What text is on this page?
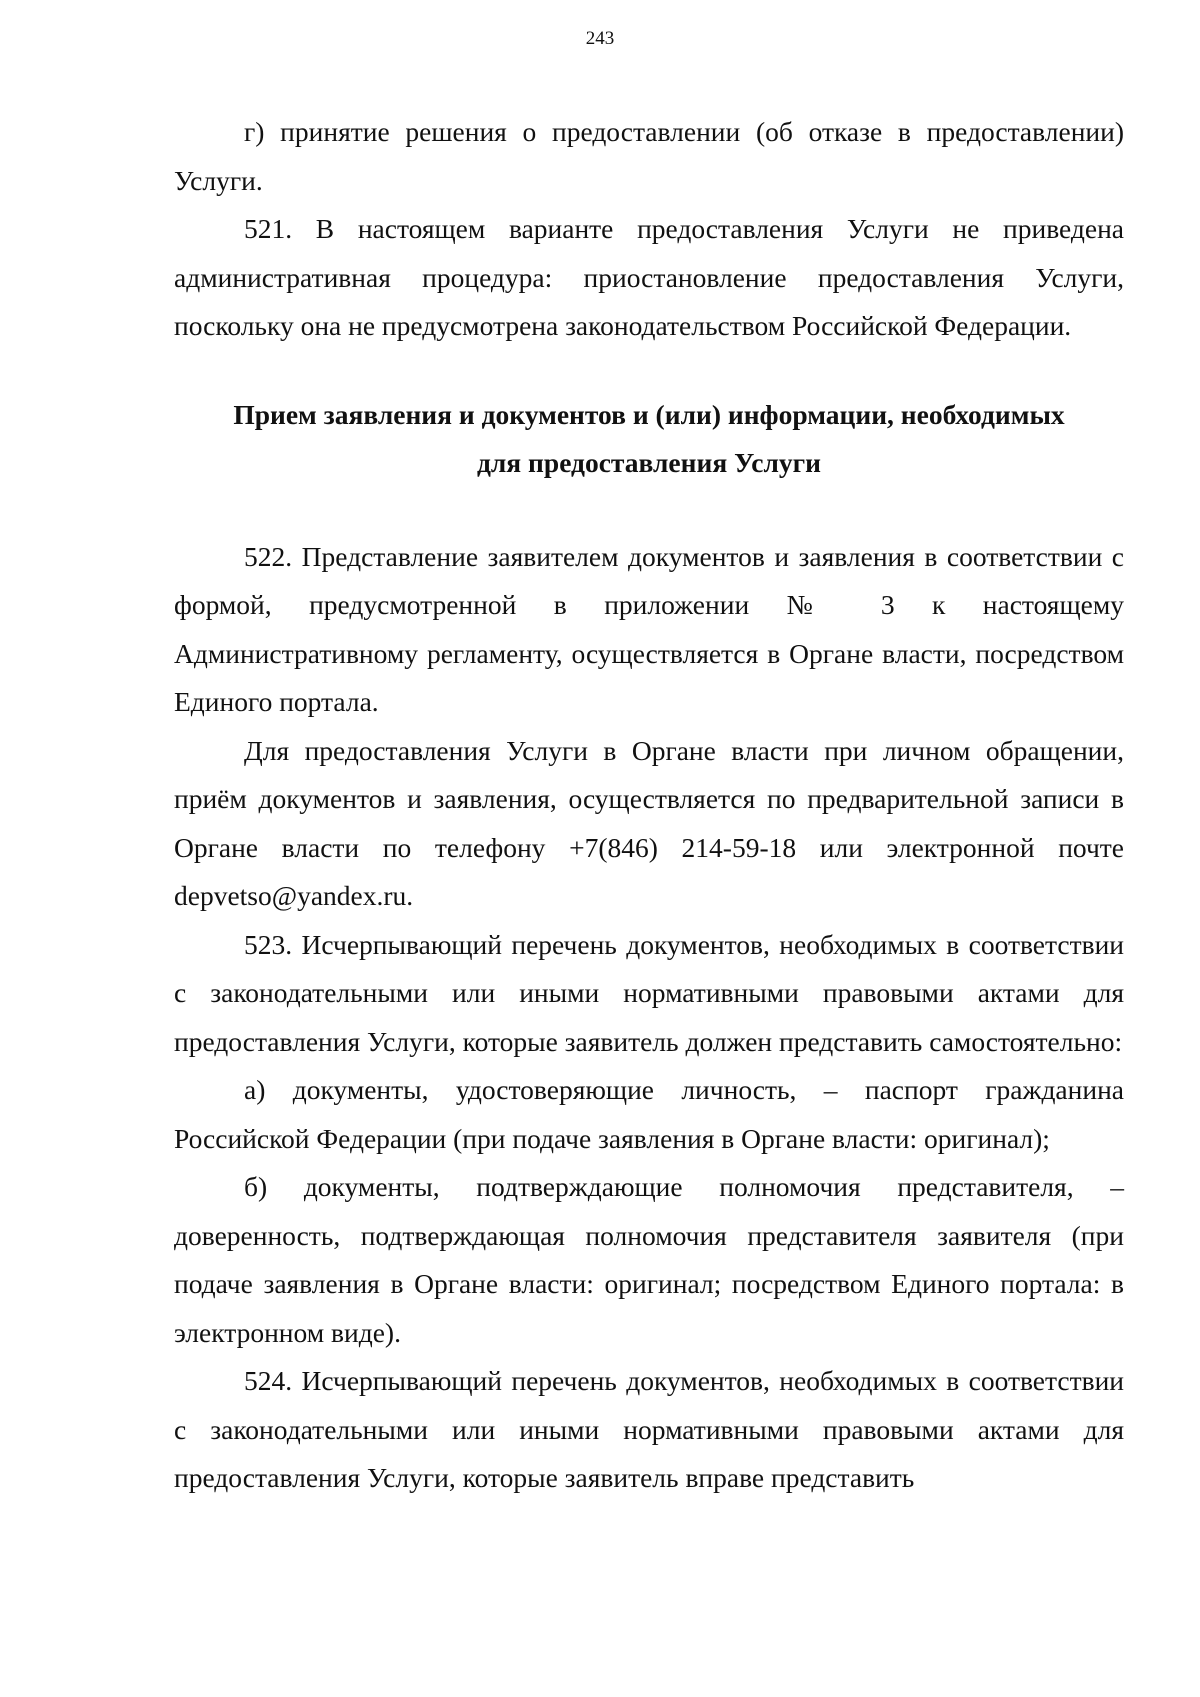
243

г) принятие решения о предоставлении (об отказе в предоставлении) Услуги.

521. В настоящем варианте предоставления Услуги не приведена административная процедура: приостановление предоставления Услуги, поскольку она не предусмотрена законодательством Российской Федерации.

Прием заявления и документов и (или) информации, необходимых
для предоставления Услуги

522. Представление заявителем документов и заявления в соответствии с формой, предусмотренной в приложении № 3 к настоящему Административному регламенту, осуществляется в Органе власти, посредством Единого портала.

Для предоставления Услуги в Органе власти при личном обращении, приём документов и заявления, осуществляется по предварительной записи в Органе власти по телефону +7(846) 214-59-18 или электронной почте depvetso@yandex.ru.

523. Исчерпывающий перечень документов, необходимых в соответствии с законодательными или иными нормативными правовыми актами для предоставления Услуги, которые заявитель должен представить самостоятельно:

а) документы, удостоверяющие личность, – паспорт гражданина Российской Федерации (при подаче заявления в Органе власти: оригинал);

б) документы, подтверждающие полномочия представителя, – доверенность, подтверждающая полномочия представителя заявителя (при подаче заявления в Органе власти: оригинал; посредством Единого портала: в электронном виде).

524. Исчерпывающий перечень документов, необходимых в соответствии с законодательными или иными нормативными правовыми актами для предоставления Услуги, которые заявитель вправе представить
